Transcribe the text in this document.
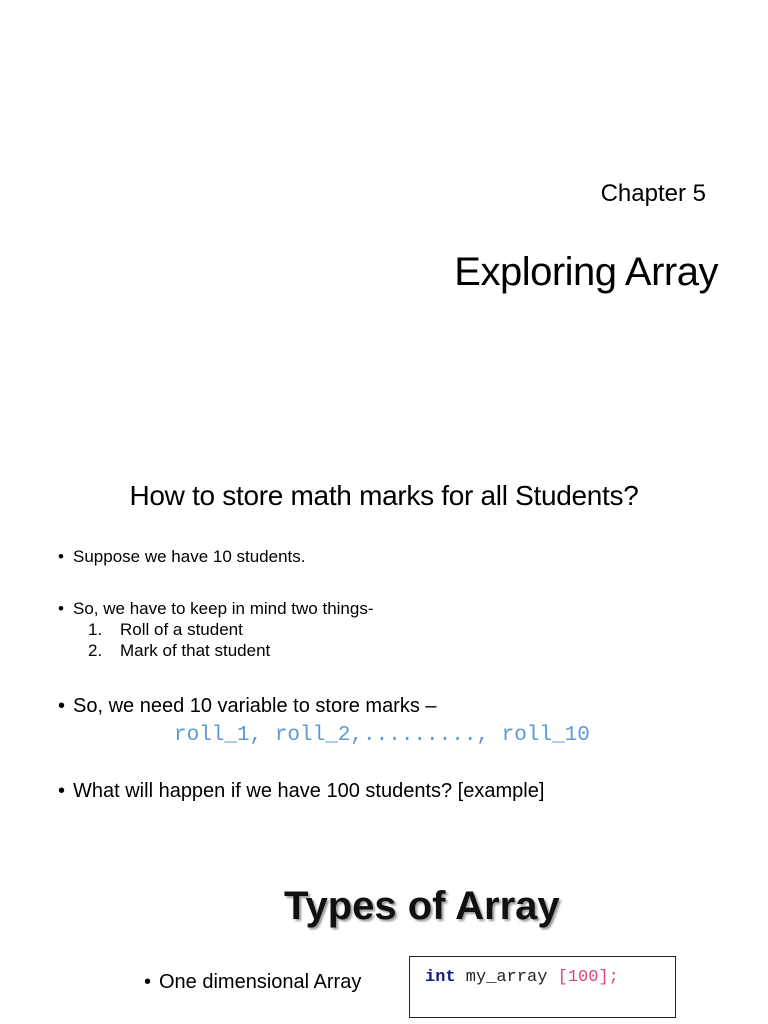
Chapter 5
Exploring Array
How to store math marks for all Students?
• Suppose we have 10 students.
• So, we have to keep in mind two things-
1. Roll of a student
2. Mark of that student
• So, we need 10 variable to store marks –
roll_1, roll_2,........., roll_10
• What will happen if we have 100 students? [example]
Types of Array
• One dimensional Array	int my_array [100];
